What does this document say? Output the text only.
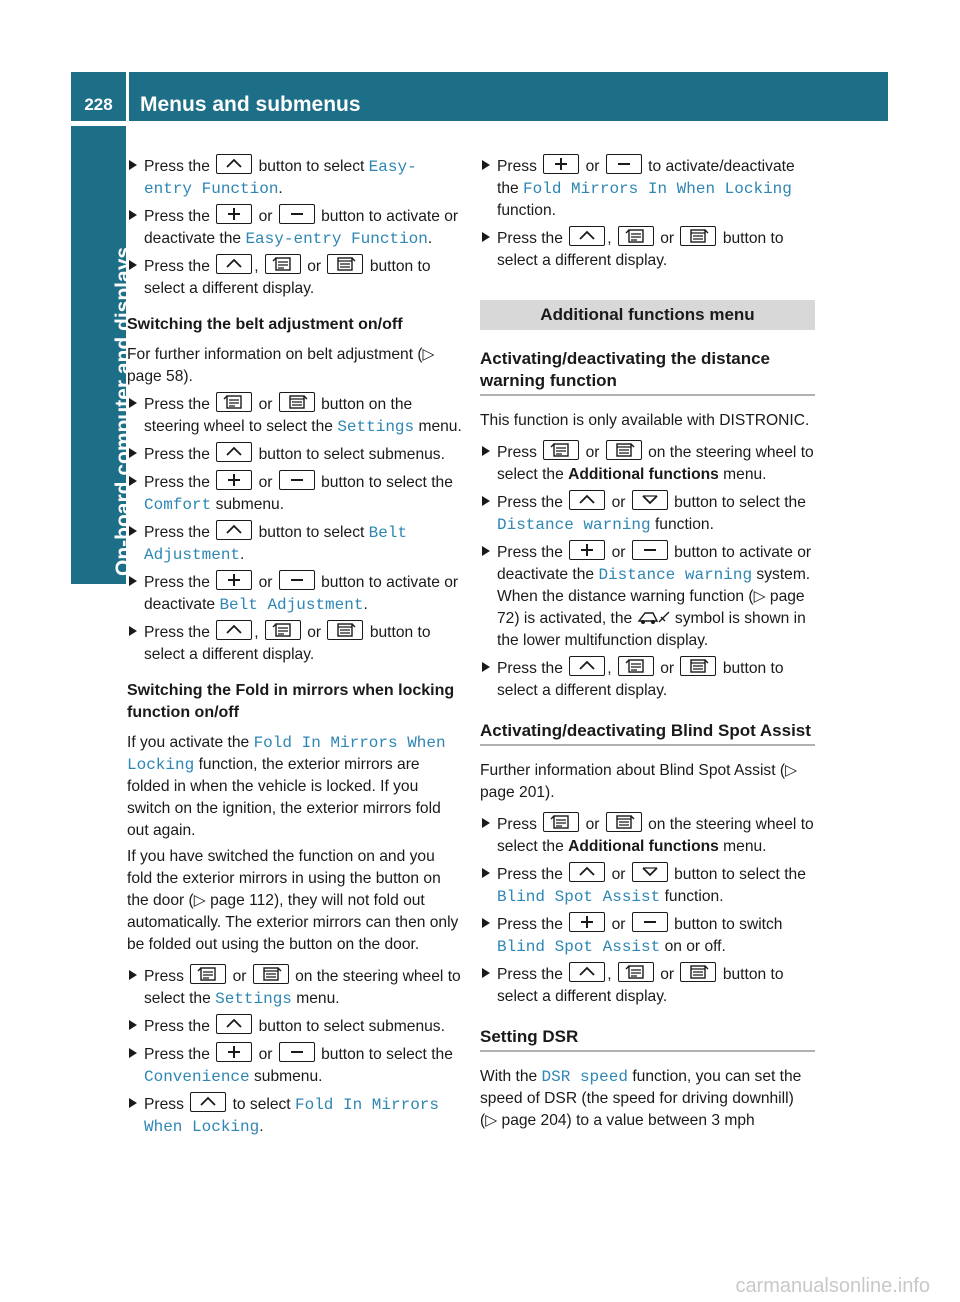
228	Menus and submenus
On-board computer and displays
Press the	button to select Easy-
entry Function.
Press the	or	button to activate or deactivate the Easy-entry Function.
Press the	,	or	button to select a different display.
Switching the belt adjustment on/off

For further information on belt adjustment (▷ page 58).

Press the	or	button on the steering wheel to select the Settings menu.
Press the	button to select submenus.
Press the	or	button to select the Comfort submenu.
Press the	button to select Belt
Adjustment.
Press the	or	button to activate or deactivate Belt Adjustment.
Press the	,	or	button to select a different display.
Switching the Fold in mirrors when locking function on/off

If you activate the Fold In Mirrors When Locking function, the exterior mirrors are folded in when the vehicle is locked. If you switch on the ignition, the exterior mirrors fold out again.

If you have switched the function on and you fold the exterior mirrors in using the button on the door (▷ page 112), they will not fold out automatically. The exterior mirrors can then only be folded out using the button on the door.

Press	or	on the steering wheel to select the Settings menu.
Press the	button to select submenus.
Press the	or	button to select the Convenience submenu.
Press	to select Fold In Mirrors
When Locking.
Press	or	to activate/deactivate the Fold Mirrors In When Locking
function.
Press the	,	or	button to select a different display.
Additional functions menu
Activating/deactivating the distance warning function

This function is only available with DISTRONIC.

Press	or	on the steering wheel to select the Additional functions menu.
Press the	or	button to select the Distance warning function.
Press the	or	button to activate or deactivate the Distance warning system.
When the distance warning function (▷ page 72) is activated, the	symbol is shown in the lower multifunction display.
Press the	,	or	button to select a different display.
Activating/deactivating Blind Spot Assist

Further information about Blind Spot Assist (▷ page 201).

Press	or	on the steering wheel to select the Additional functions menu.
Press the	or	button to select the Blind Spot Assist function.
Press the	or	button to switch Blind Spot Assist on or off.
Press the	,	or	button to select a different display.
Setting DSR

With the DSR speed function, you can set the speed of DSR (the speed for driving downhill) (▷ page 204) to a value between 3 mph

carmanualsonline.info
